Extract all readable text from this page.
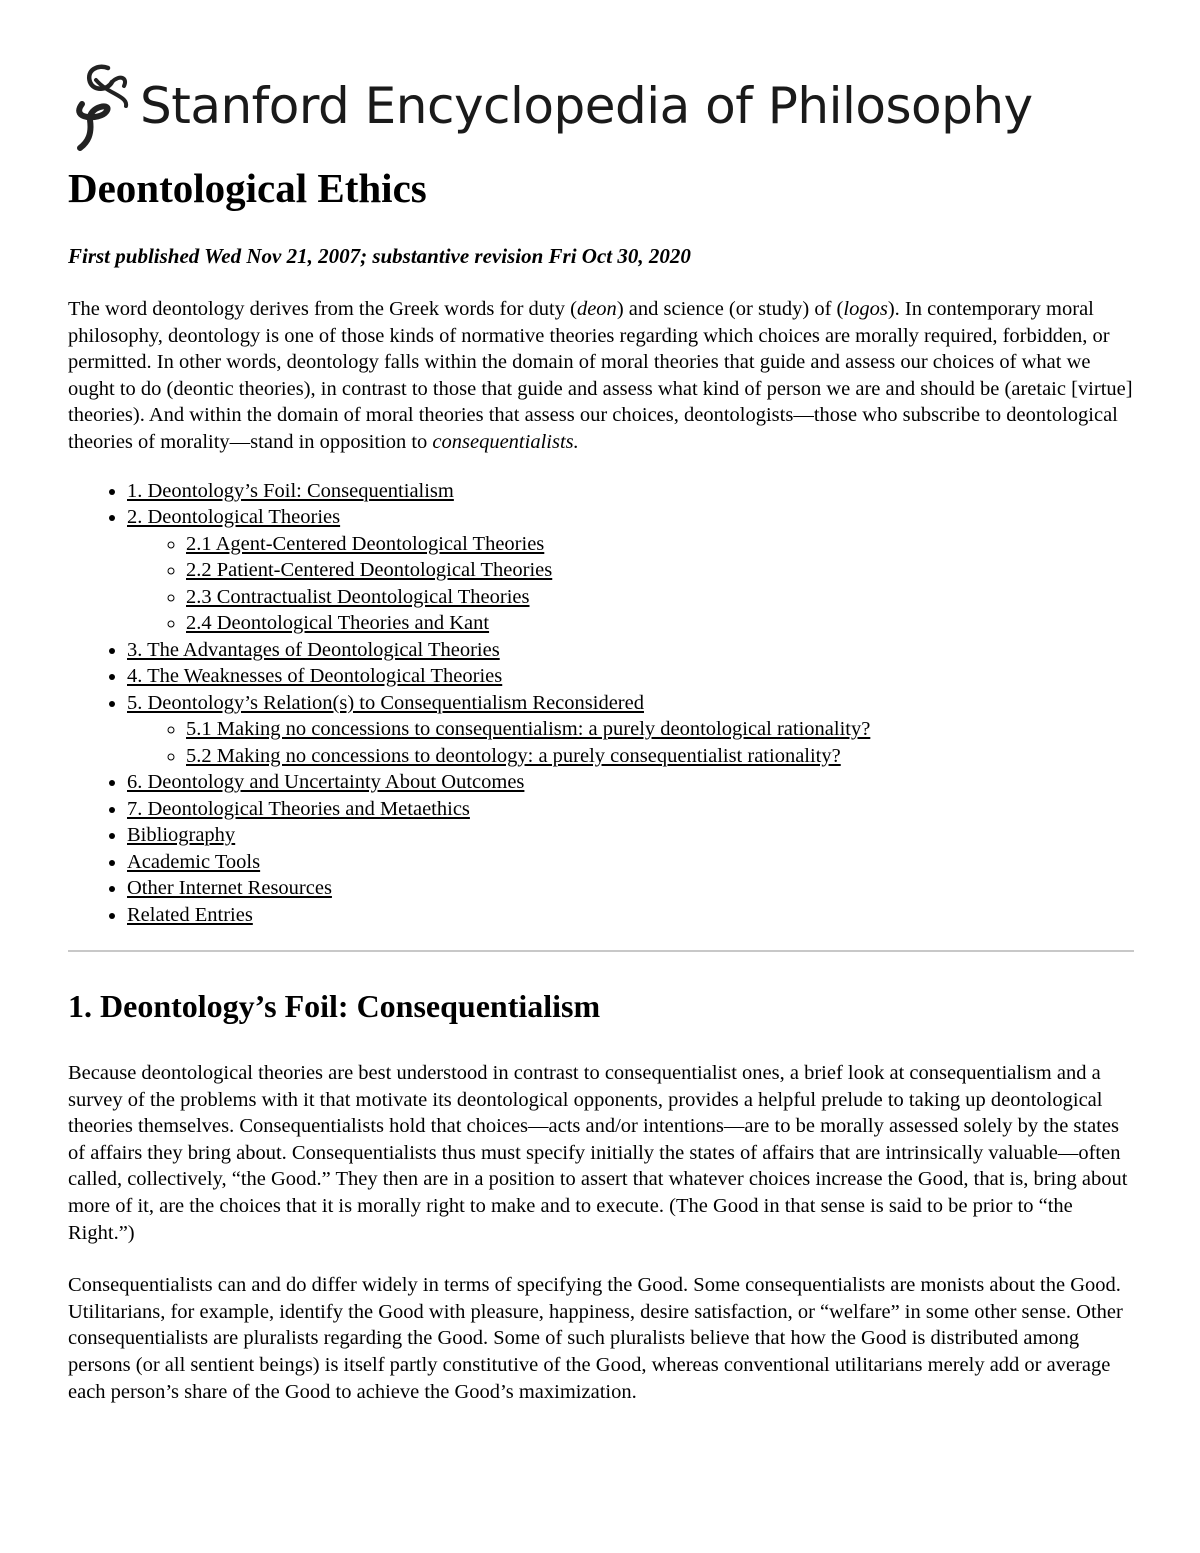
Stanford Encyclopedia of Philosophy
Deontological Ethics
First published Wed Nov 21, 2007; substantive revision Fri Oct 30, 2020

The word deontology derives from the Greek words for duty (deon) and science (or study) of (logos). In contemporary moral philosophy, deontology is one of those kinds of normative theories regarding which choices are morally required, forbidden, or permitted. In other words, deontology falls within the domain of moral theories that guide and assess our choices of what we ought to do (deontic theories), in contrast to those that guide and assess what kind of person we are and should be (aretaic [virtue] theories). And within the domain of moral theories that assess our choices, deontologists—those who subscribe to deontological theories of morality—stand in opposition to consequentialists.

• 1. Deontology’s Foil: Consequentialism
• 2. Deontological Theories
◦ 2.1 Agent-Centered Deontological Theories
◦ 2.2 Patient-Centered Deontological Theories
◦ 2.3 Contractualist Deontological Theories
◦ 2.4 Deontological Theories and Kant
• 3. The Advantages of Deontological Theories
• 4. The Weaknesses of Deontological Theories
• 5. Deontology’s Relation(s) to Consequentialism Reconsidered
◦ 5.1 Making no concessions to consequentialism: a purely deontological rationality?
◦ 5.2 Making no concessions to deontology: a purely consequentialist rationality?
• 6. Deontology and Uncertainty About Outcomes
• 7. Deontological Theories and Metaethics
• Bibliography
• Academic Tools
• Other Internet Resources
• Related Entries
1. Deontology’s Foil: Consequentialism

Because deontological theories are best understood in contrast to consequentialist ones, a brief look at consequentialism and a survey of the problems with it that motivate its deontological opponents, provides a helpful prelude to taking up deontological theories themselves. Consequentialists hold that choices—acts and/or intentions—are to be morally assessed solely by the states of affairs they bring about. Consequentialists thus must specify initially the states of affairs that are intrinsically valuable—often called, collectively, “the Good.” They then are in a position to assert that whatever choices increase the Good, that is, bring about more of it, are the choices that it is morally right to make and to execute. (The Good in that sense is said to be prior to “the Right.”)

Consequentialists can and do differ widely in terms of specifying the Good. Some consequentialists are monists about the Good. Utilitarians, for example, identify the Good with pleasure, happiness, desire satisfaction, or “welfare” in some other sense. Other consequentialists are pluralists regarding the Good. Some of such pluralists believe that how the Good is distributed among persons (or all sentient beings) is itself partly constitutive of the Good, whereas conventional utilitarians merely add or average each person’s share of the Good to achieve the Good’s maximization.
